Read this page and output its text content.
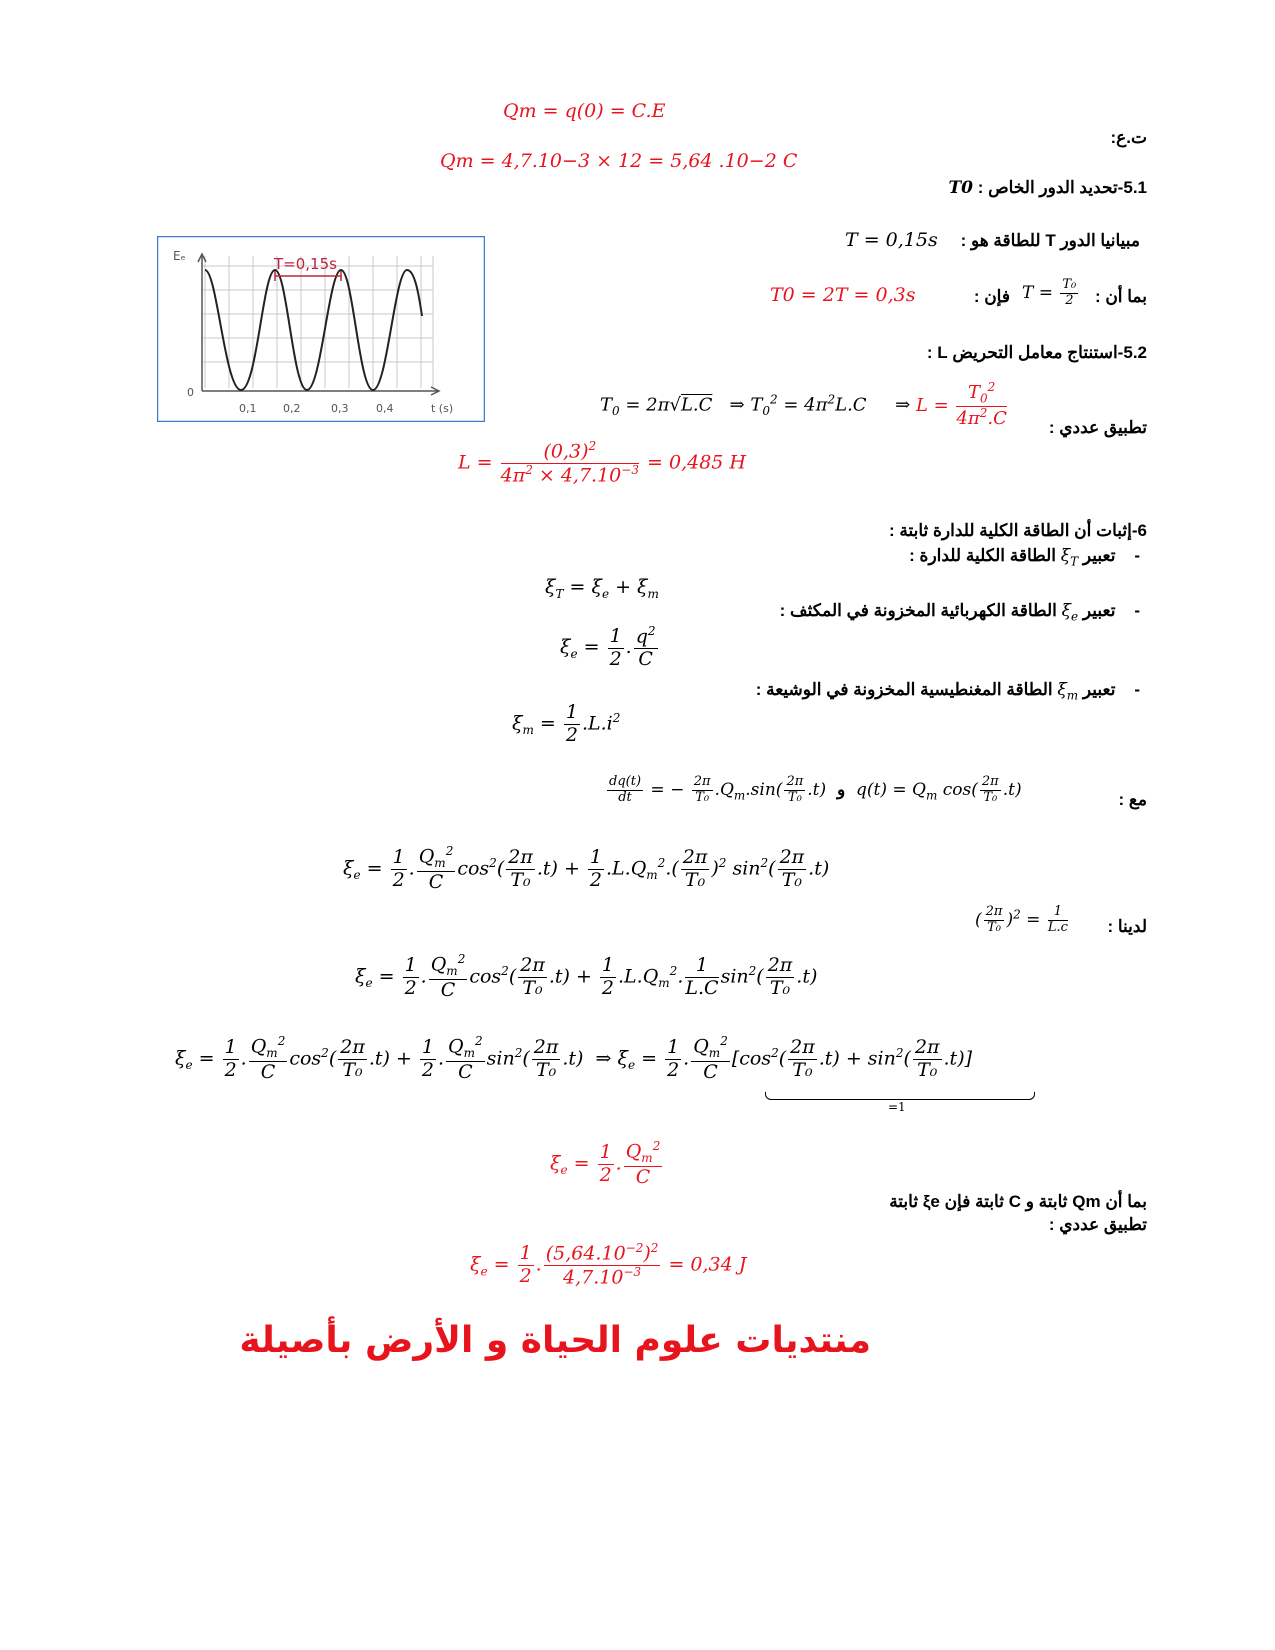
Qm = q(0) = C.E
Qm = 4,7.10−3 × 12 = 5,64 .10−2 C
ت.ع:
5.1-تحديد الدور الخاص : T0
مبيانيا الدور T للطاقة هو :
T = 0,15s
بما أن :
$T = \frac{\text{T₀}}{2}$
فإن :
T0 = 2T = 0,3s
T=0,15s
Eₑ
0
0,1 0,2	0,3	0,4	t (s)
5.2-استنتاج معامل التحريض L :
$T_0 = 2\pi√L.C$   ⇒ $T_0^2 = 4\pi^2L.C$     ⇒ $L = \frac{T_0^2}{4\pi^2.C}$ تطبيق عددي :
$L = \frac{(0,3)^2}{4\pi^2 \times 4,7.10^{-3}} = 0,485$ H
6-إثبات أن الطاقة الكلية للدارة ثابتة :
-    تعبير $\xi_T$ الطاقة الكلية للدارة :
$\xi_T = \xi_e + \xi_m$
-    تعبير $\xi_e$ الطاقة الكهربائية المخزونة في المكثف :
$\xi_e = \frac{1}{2}$ . $\frac{q^2}{C}$
-    تعبير $\xi_m$ الطاقة المغنطيسية المخزونة في الوشيعة :
$\xi_m = \frac{1}{2} .L.i^2$
مع :
$\frac{dq(t)}{dt}$ = − $\frac{2\pi}{\text{T₀}} .Q_m.\sin( \frac{2\pi}{\text{T₀}} .t)$  و  $q(t) = Q_m$ $\cos( \frac{2\pi}{\text{T₀}} .t)$
$\xi_e = \frac{1}{2}$ . $\frac{Q_m^2}{C} \cos^2( \frac{2\pi}{\text{T₀}} .t) + \frac{1}{2} .L.Q_m^2.( \frac{2\pi}{\text{T₀}} )^2$ $\sin^2( \frac{2\pi}{\text{T₀}} .t)$
لدينا :
( $\frac{2\pi}{\text{T₀}} )^2 = \frac{1}{L.c}$
$\xi_e = \frac{1}{2}$ . $\frac{Q_m^2}{C} \cos^2( \frac{2\pi}{\text{T₀}} .t) + \frac{1}{2} .L.Q_m^2$. $\frac{1}{L.C} \sin^2( \frac{2\pi}{\text{T₀}} .t)$
$\xi_e = \frac{1}{2}$ . $\frac{Q_m^2}{C} \cos^2( \frac{2\pi}{\text{T₀}} .t) + \frac{1}{2}$ . $\frac{Q_m^2}{C} \sin^2( \frac{2\pi}{\text{T₀}} .t)$  ⇒ $\xi_e = \frac{1}{2}$ . $\frac{Q_m^2}{C} [\cos^2( \frac{2\pi}{\text{T₀}} .t) + \sin^2( \frac{2\pi}{\text{T₀}} .t)]$
=1
$\xi_e = \frac{1}{2}$ . $\frac{Q_m^2}{C}$
بما أن Qm ثابتة و C ثابتة فإن ξe ثابتة
تطبيق عددي :
$\xi_e = \frac{1}{2}$ . $\frac{(5,64.10^{-2})^2}{4,7.10^{-3}} = 0,34$ J
منتديات علوم الحياة و الأرض بأصيلة
